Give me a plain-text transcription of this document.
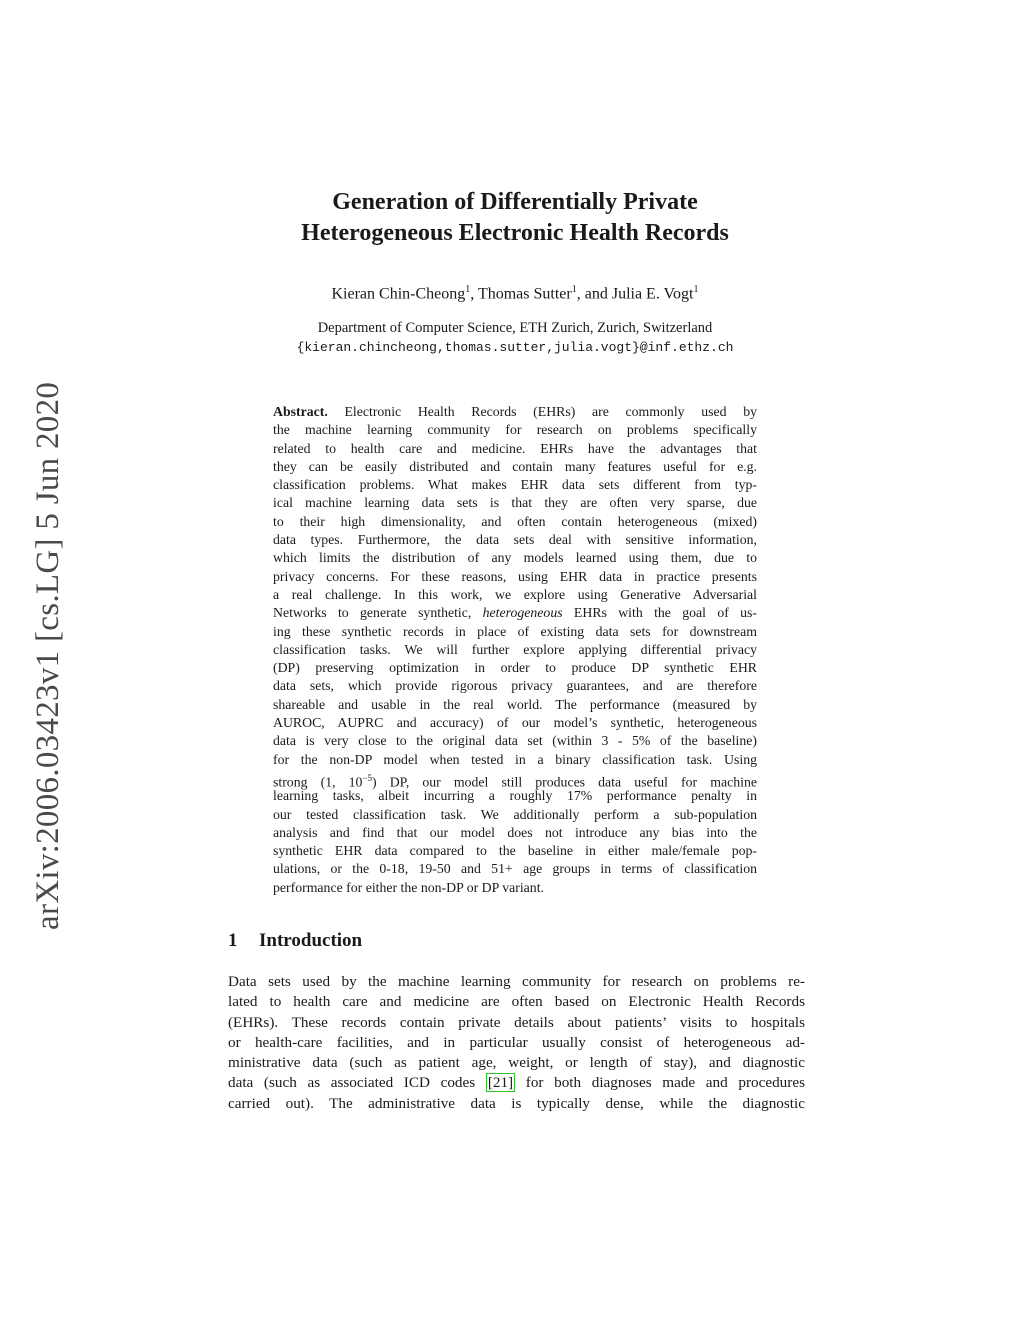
arXiv:2006.03423v1 [cs.LG] 5 Jun 2020
Generation of Differentially Private
Heterogeneous Electronic Health Records
Kieran Chin-Cheong$^1$, Thomas Sutter$^1$, and Julia E. Vogt$^1$
Department of Computer Science, ETH Zurich, Zurich, Switzerland
{kieran.chincheong,thomas.sutter,julia.vogt}@inf.ethz.ch
Abstract. Electronic Health Records (EHRs) are commonly used by
the machine learning community for research on problems specifically
related to health care and medicine. EHRs have the advantages that
they can be easily distributed and contain many features useful for e.g.
classification problems. What makes EHR data sets different from typ-
ical machine learning data sets is that they are often very sparse, due
to their high dimensionality, and often contain heterogeneous (mixed)
data types. Furthermore, the data sets deal with sensitive information,
which limits the distribution of any models learned using them, due to
privacy concerns. For these reasons, using EHR data in practice presents
a real challenge. In this work, we explore using Generative Adversarial
Networks to generate synthetic, heterogeneous EHRs with the goal of us-
ing these synthetic records in place of existing data sets for downstream
classification tasks. We will further explore applying differential privacy
(DP) preserving optimization in order to produce DP synthetic EHR
data sets, which provide rigorous privacy guarantees, and are therefore
shareable and usable in the real world. The performance (measured by
AUROC, AUPRC and accuracy) of our model’s synthetic, heterogeneous
data is very close to the original data set (within 3 - 5% of the baseline)
for the non-DP model when tested in a binary classification task. Using
strong (1, $10^{-5}$) DP, our model still produces data useful for machine
learning tasks, albeit incurring a roughly 17% performance penalty in
our tested classification task. We additionally perform a sub-population
analysis and find that our model does not introduce any bias into the
synthetic EHR data compared to the baseline in either male/female pop-
ulations, or the 0-18, 19-50 and 51+ age groups in terms of classification
performance for either the non-DP or DP variant.
1 Introduction
Data sets used by the machine learning community for research on problems re-
lated to health care and medicine are often based on Electronic Health Records
(EHRs). These records contain private details about patients’ visits to hospitals
or health-care facilities, and in particular usually consist of heterogeneous ad-
ministrative data (such as patient age, weight, or length of stay), and diagnostic
data (such as associated ICD codes [21] for both diagnoses made and procedures
carried out). The administrative data is typically dense, while the diagnostic
